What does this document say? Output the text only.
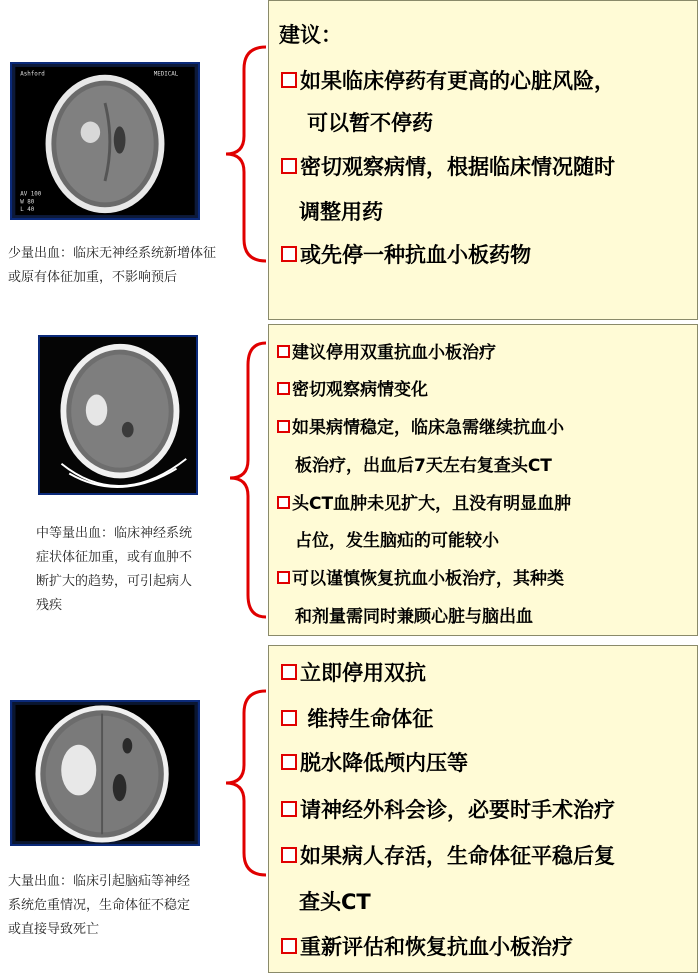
Ashford	MEDICAL
AV 100
W 80
L 40
少量出血：临床无神经系统新增体征
或原有体征加重，不影响预后
建议：
如果临床停药有更高的心脏风险，
可以暂不停药
密切观察病情，根据临床情况随时
调整用药
或先停一种抗血小板药物
中等量出血：临床神经系统
症状体征加重，或有血肿不
断扩大的趋势，可引起病人
残疾
建议停用双重抗血小板治疗
密切观察病情变化
如果病情稳定，临床急需继续抗血小
板治疗，出血后7天左右复查头CT
头CT血肿未见扩大，且没有明显血肿
占位，发生脑疝的可能较小
可以谨慎恢复抗血小板治疗，其种类
和剂量需同时兼顾心脏与脑出血
大量出血：临床引起脑疝等神经
系统危重情况，生命体征不稳定
或直接导致死亡
立即停用双抗
维持生命体征
脱水降低颅内压等
请神经外科会诊，必要时手术治疗
如果病人存活，生命体征平稳后复
查头CT
重新评估和恢复抗血小板治疗
